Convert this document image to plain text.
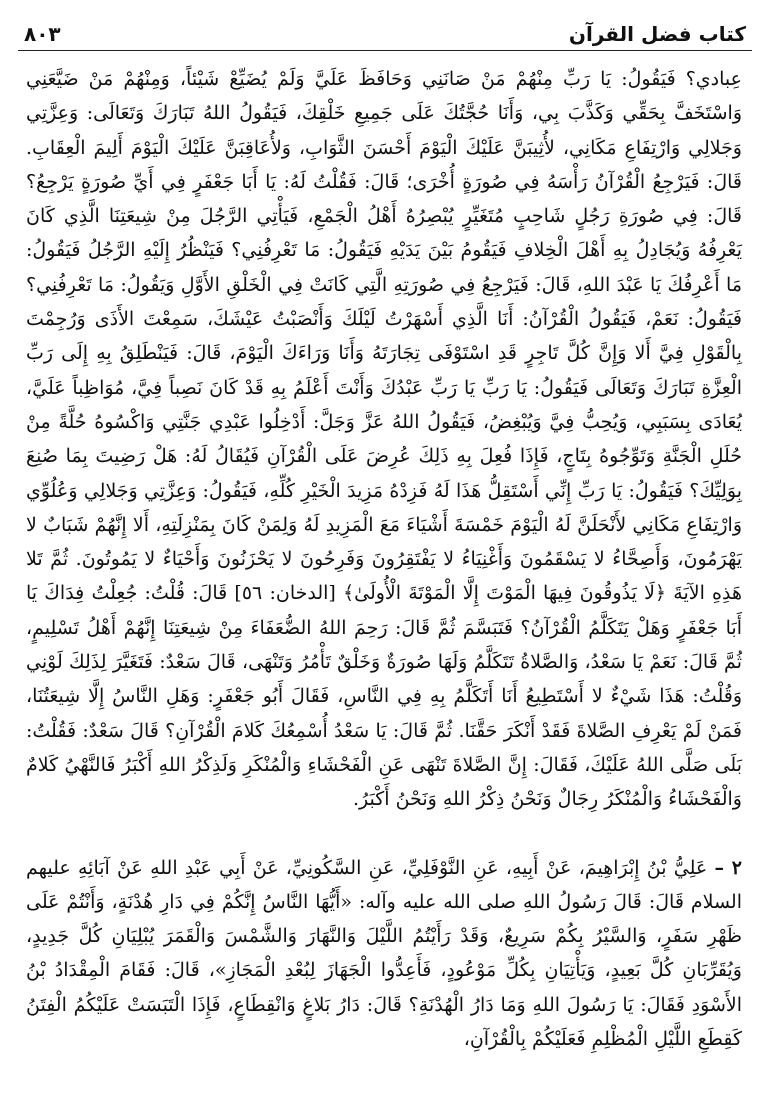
كتاب فضل القرآن
٨٠٣

عِبادي؟ فَيَقُولُ: يَا رَبِّ مِنْهُمْ مَنْ صَانَنِي وَحَافَظَ عَلَيَّ وَلَمْ يُضَيِّعْ شَيْئاً، وَمِنْهُمْ مَنْ ضَيَّعَنِي وَاسْتَخَفَّ بِحَقِّي وَكَذَّبَ بِي، وَأَنَا حُجَّتُكَ عَلَى جَمِيعِ خَلْقِكَ، فَيَقُولُ اللهُ تَبَارَكَ وَتَعَالَى: وَعِزَّتِي وَجَلالِي وَارْتِفَاعِ مَكَانِي، لأُثِيبَنَّ عَلَيْكَ الْيَوْمَ أَحْسَنَ الثَّوَابِ، وَلأُعَاقِبَنَّ عَلَيْكَ الْيَوْمَ أَلِيمَ الْعِقَابِ. قَالَ: فَيَرْجِعُ الْقُرْآنُ رَأْسَهُ فِي صُورَةٍ أُخْرَى؛ قَالَ: فَقُلْتُ لَهُ: يَا أَبَا جَعْفَرٍ فِي أَيِّ صُورَةٍ يَرْجِعُ؟ قَالَ: فِي صُورَةِ رَجُلٍ شَاحِبٍ مُتَغَيِّرٍ يُبْصِرُهُ أَهْلُ الْجَمْعِ، فَيَأْتِي الرَّجُلَ مِنْ شِيعَتِنَا الَّذِي كَانَ يَعْرِفُهُ وَيُجَادِلُ بِهِ أَهْلَ الْخِلافِ فَيَقُومُ بَيْنَ يَدَيْهِ فَيَقُولُ: مَا تَعْرِفُنِي؟ فَيَنْظُرُ إِلَيْهِ الرَّجُلُ فَيَقُولُ: مَا أَعْرِفُكَ يَا عَبْدَ اللهِ، قَالَ: فَيَرْجِعُ فِي صُورَتِهِ الَّتِي كَانَتْ فِي الْخَلْقِ الأَوَّلِ وَيَقُولُ: مَا تَعْرِفُنِي؟ فَيَقُولُ: نَعَمْ، فَيَقُولُ الْقُرْآنُ: أَنَا الَّذِي أَسْهَرْتُ لَيْلَكَ وَأَنْصَبْتُ عَيْشَكَ، سَمِعْتَ الأَذَى وَرُجِمْتَ بِالْقَوْلِ فِيَّ أَلا وَإِنَّ كُلَّ تَاجِرٍ قَدِ اسْتَوْفَى تِجَارَتَهُ وَأَنَا وَرَاءَكَ الْيَوْمَ، قَالَ: فَيَنْطَلِقُ بِهِ إِلَى رَبِّ الْعِزَّةِ تَبَارَكَ وَتَعَالَى فَيَقُولُ: يَا رَبِّ يَا رَبِّ عَبْدُكَ وَأَنْتَ أَعْلَمُ بِهِ قَدْ كَانَ نَصِباً فِيَّ، مُوَاظِباً عَلَيَّ، يُعَادَى بِسَبَبِي، وَيُحِبُّ فِيَّ وَيُبْغِضُ، فَيَقُولُ اللهُ عَزَّ وَجَلَّ: أَدْخِلُوا عَبْدِي جَنَّتِي وَاكْسُوهُ حُلَّةً مِنْ حُلَلِ الْجَنَّةِ وَتَوِّجُوهُ بِتَاجٍ، فَإِذَا فُعِلَ بِهِ ذَلِكَ عُرِضَ عَلَى الْقُرْآنِ فَيُقَالُ لَهُ: هَلْ رَضِيتَ بِمَا صُنِعَ بِوَلِيِّكَ؟ فَيَقُولُ: يَا رَبِّ إِنِّي أَسْتَقِلُّ هَذَا لَهُ فَزِدْهُ مَزِيدَ الْخَيْرِ كُلِّهِ، فَيَقُولُ: وَعِزَّتِي وَجَلالِي وَعُلُوِّي وَارْتِفَاعِ مَكَانِي لأَنْحَلَنَّ لَهُ الْيَوْمَ خَمْسَةَ أَشْيَاءَ مَعَ الْمَزِيدِ لَهُ وَلِمَنْ كَانَ بِمَنْزِلَتِهِ، أَلا إِنَّهُمْ شَبَابٌ لا يَهْرَمُونَ، وَأَصِحَّاءُ لا يَسْقَمُونَ وَأَغْنِيَاءُ لا يَفْتَقِرُونَ وَفَرِحُونَ لا يَحْزَنُونَ وَأَحْيَاءٌ لا يَمُوتُونَ. ثُمَّ تَلا هَذِهِ الآيَةَ ﴿لَا يَذُوقُونَ فِيهَا الْمَوْتَ إِلَّا الْمَوْتَةَ الْأُولَىٰ﴾ [الدخان: ٥٦] قَالَ: قُلْتُ: جُعِلْتُ فِدَاكَ يَا أَبَا جَعْفَرٍ وَهَلْ يَتَكَلَّمُ الْقُرْآنُ؟ فَتَبَسَّمَ ثُمَّ قَالَ: رَحِمَ اللهُ الضُّعَفَاءَ مِنْ شِيعَتِنَا إِنَّهُمْ أَهْلُ تَسْلِيمٍ، ثُمَّ قَالَ: نَعَمْ يَا سَعْدُ، وَالصَّلاةُ تَتَكَلَّمُ وَلَهَا صُورَةٌ وَخَلْقٌ تَأْمُرُ وَتَنْهَى، قَالَ سَعْدٌ: فَتَغَيَّرَ لِذَلِكَ لَوْنِي وَقُلْتُ: هَذَا شَيْءٌ لا أَسْتَطِيعُ أَنَا أَتَكَلَّمُ بِهِ فِي النَّاسِ، فَقَالَ أَبُو جَعْفَرٍ: وَهَلِ النَّاسُ إِلَّا شِيعَتُنَا، فَمَنْ لَمْ يَعْرِفِ الصَّلاةَ فَقَدْ أَنْكَرَ حَقَّنَا. ثُمَّ قَالَ: يَا سَعْدُ أُسْمِعُكَ كَلامَ الْقُرْآنِ؟ قَالَ سَعْدٌ: فَقُلْتُ: بَلَى صَلَّى اللهُ عَلَيْكَ، فَقَالَ: إِنَّ الصَّلاةَ تَنْهَى عَنِ الْفَحْشَاءِ وَالْمُنْكَرِ وَلَذِكْرُ اللهِ أَكْبَرُ فَالنَّهْيُ كَلامٌ وَالْفَحْشَاءُ وَالْمُنْكَرُ رِجَالٌ وَنَحْنُ ذِكْرُ اللهِ وَنَحْنُ أَكْبَرُ.

٢ – عَلِيُّ بْنُ إِبْرَاهِيمَ، عَنْ أَبِيهِ، عَنِ النَّوْفَلِيِّ، عَنِ السَّكُونِيِّ، عَنْ أَبِي عَبْدِ اللهِ عَنْ آبَائِهِ عليهم السلام قَالَ: قَالَ رَسُولُ اللهِ صلى الله عليه وآله: «أَيُّهَا النَّاسُ إِنَّكُمْ فِي دَارِ هُدْنَةٍ، وَأَنْتُمْ عَلَى ظَهْرِ سَفَرٍ، وَالسَّيْرُ بِكُمْ سَرِيعٌ، وَقَدْ رَأَيْتُمُ اللَّيْلَ وَالنَّهَارَ وَالشَّمْسَ وَالْقَمَرَ يُبْلِيَانِ كُلَّ جَدِيدٍ، وَيُقَرِّبَانِ كُلَّ بَعِيدٍ، وَيَأْتِيَانِ بِكُلِّ مَوْعُودٍ، فَأَعِدُّوا الْجَهَازَ لِبُعْدِ الْمَجَازِ»، قَالَ: فَقَامَ الْمِقْدَادُ بْنُ الأَسْوَدِ فَقَالَ: يَا رَسُولَ اللهِ وَمَا دَارُ الْهُدْنَةِ؟ قَالَ: دَارُ بَلاغٍ وَانْقِطَاعٍ، فَإِذَا الْتَبَسَتْ عَلَيْكُمُ الْفِتَنُ كَقِطَعِ اللَّيْلِ الْمُظْلِمِ فَعَلَيْكُمْ بِالْقُرْآنِ،
